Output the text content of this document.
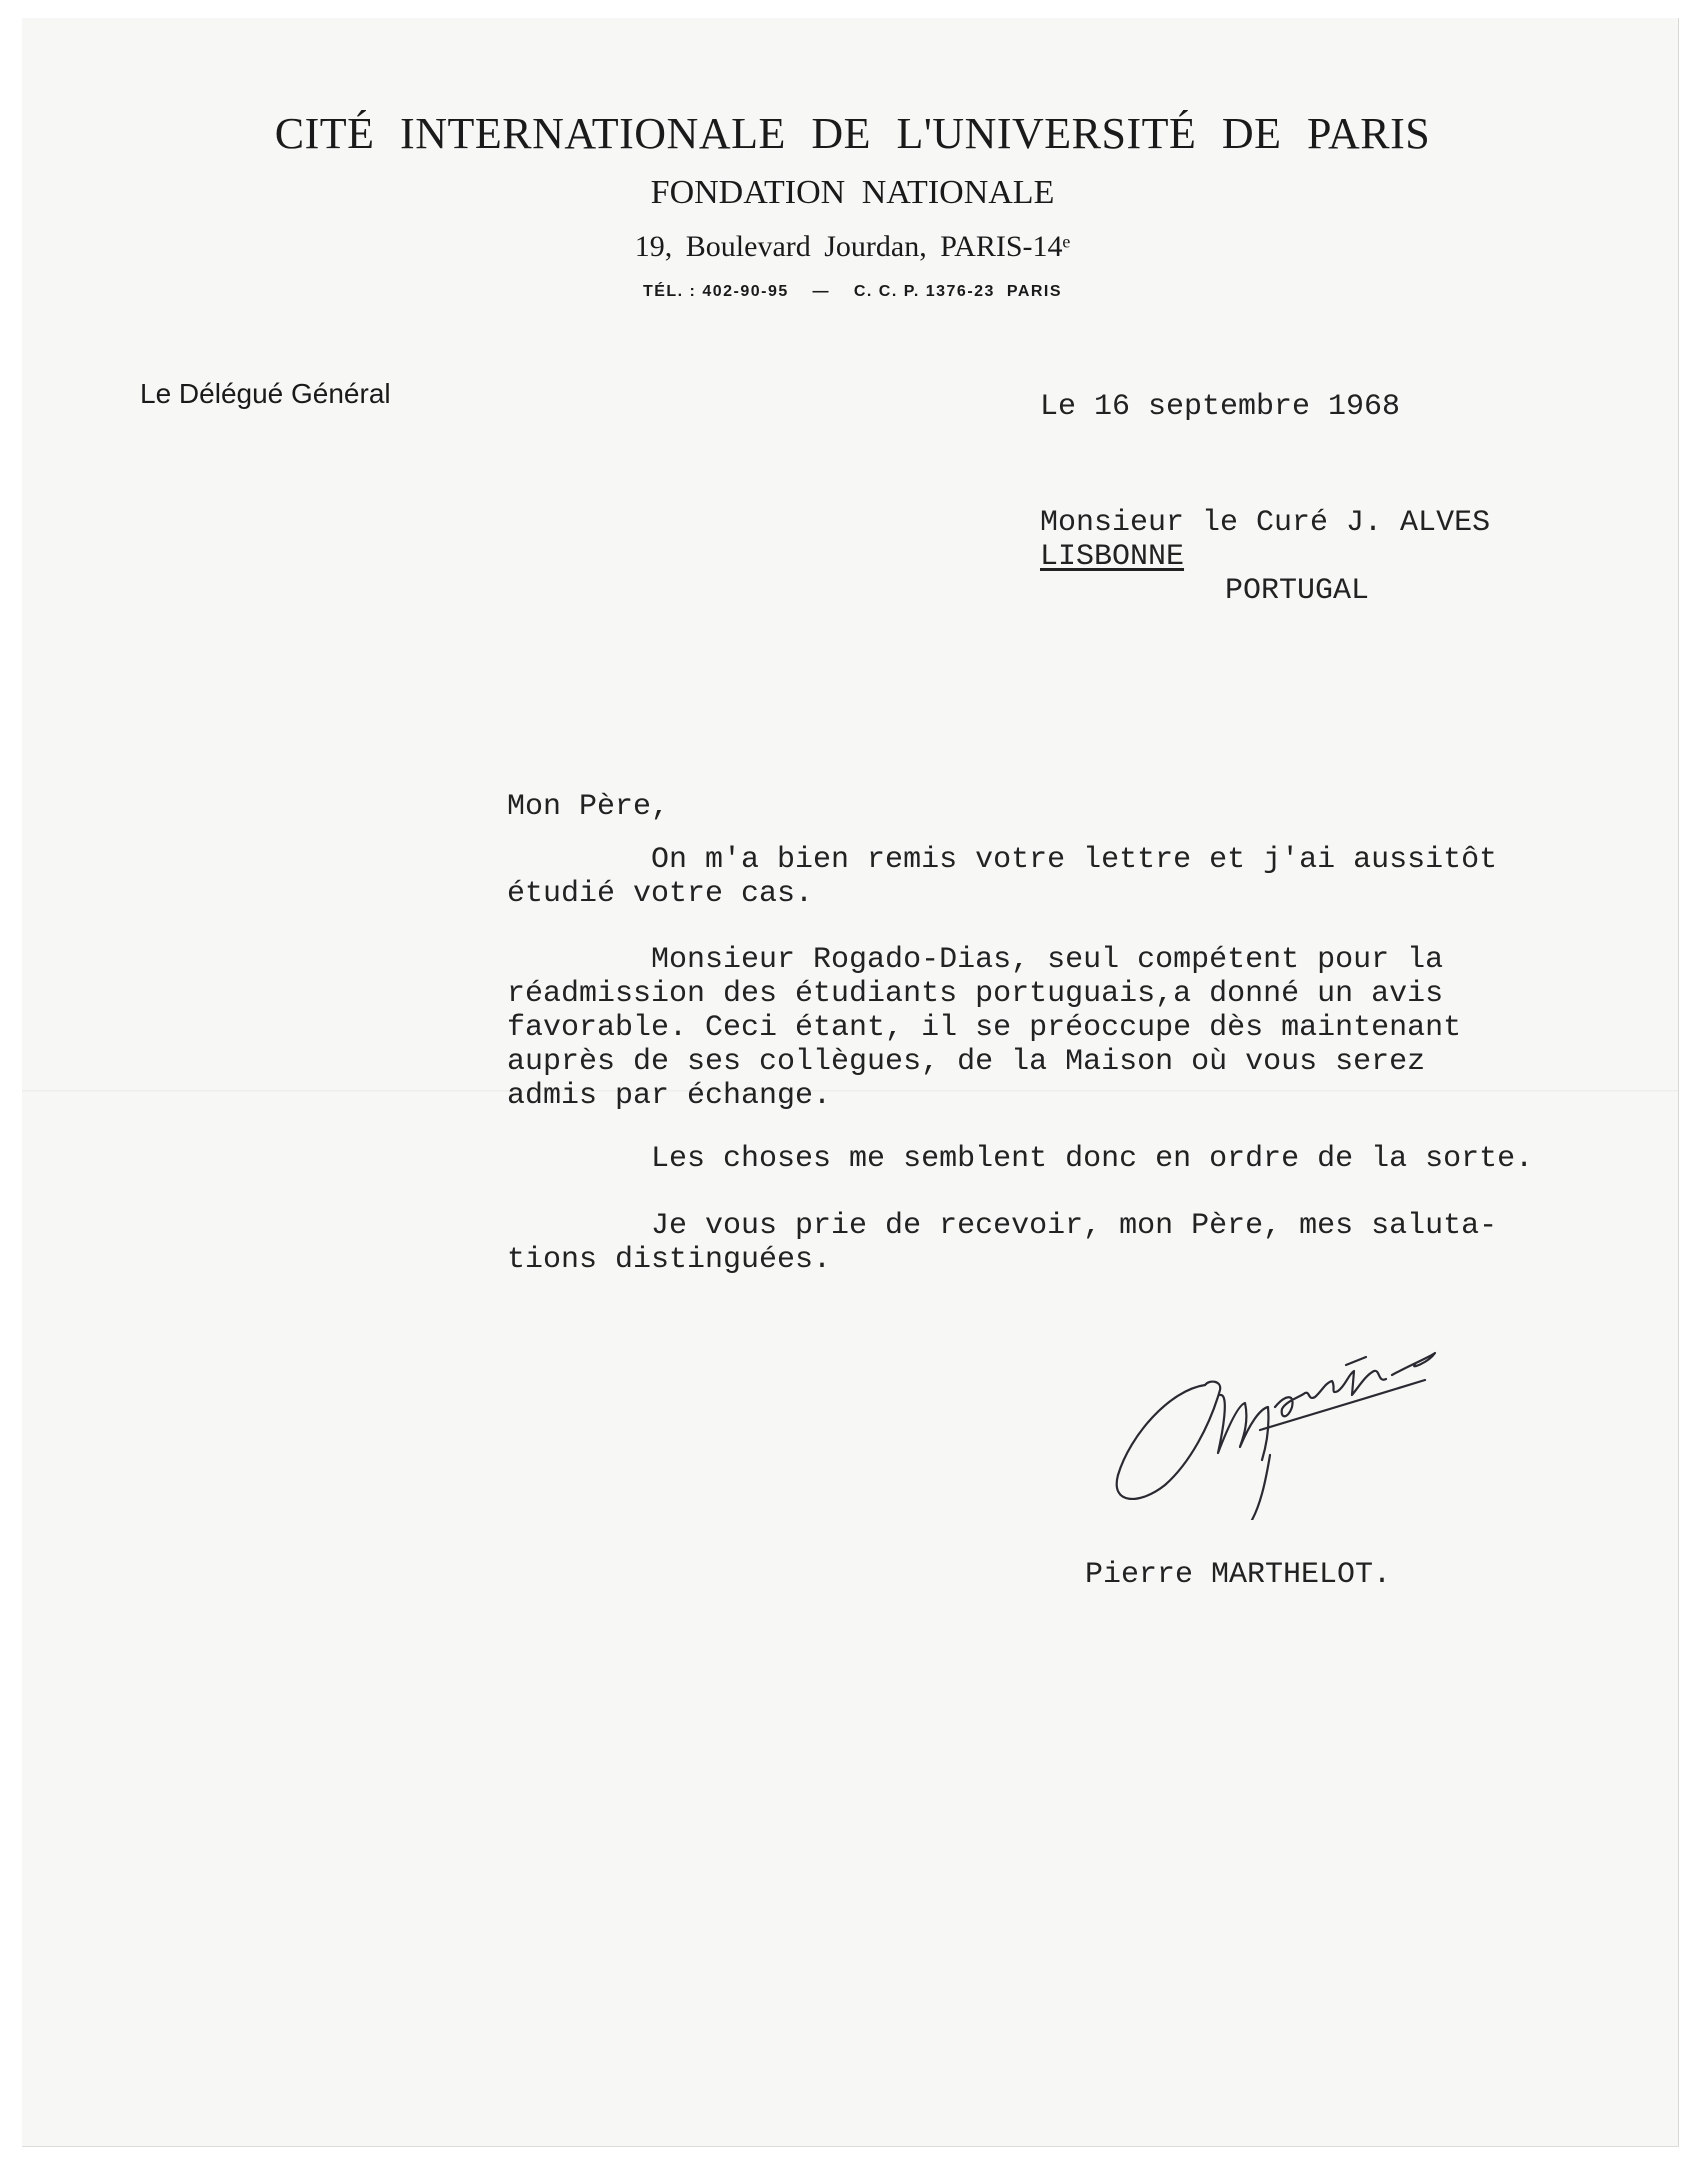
CITÉ INTERNATIONALE DE L'UNIVERSITÉ DE PARIS
FONDATION NATIONALE
19, Boulevard Jourdan, PARIS-14ᵉ
TÉL. : 402-90-95    —    C. C. P. 1376-23  PARIS
Le Délégué Général	Le 16 septembre 1968
Monsieur le Curé J. ALVES
LISBONNE
PORTUGAL
Mon Père,
On m'a bien remis votre lettre et j'ai aussitôt
étudié votre cas.
Monsieur Rogado-Dias, seul compétent pour la
réadmission des étudiants portuguais,a donné un avis
favorable. Ceci étant, il se préoccupe dès maintenant
auprès de ses collègues, de la Maison où vous serez
admis par échange.
Les choses me semblent donc en ordre de la sorte.
Je vous prie de recevoir, mon Père, mes saluta-
tions distinguées.
Pierre MARTHELOT.
